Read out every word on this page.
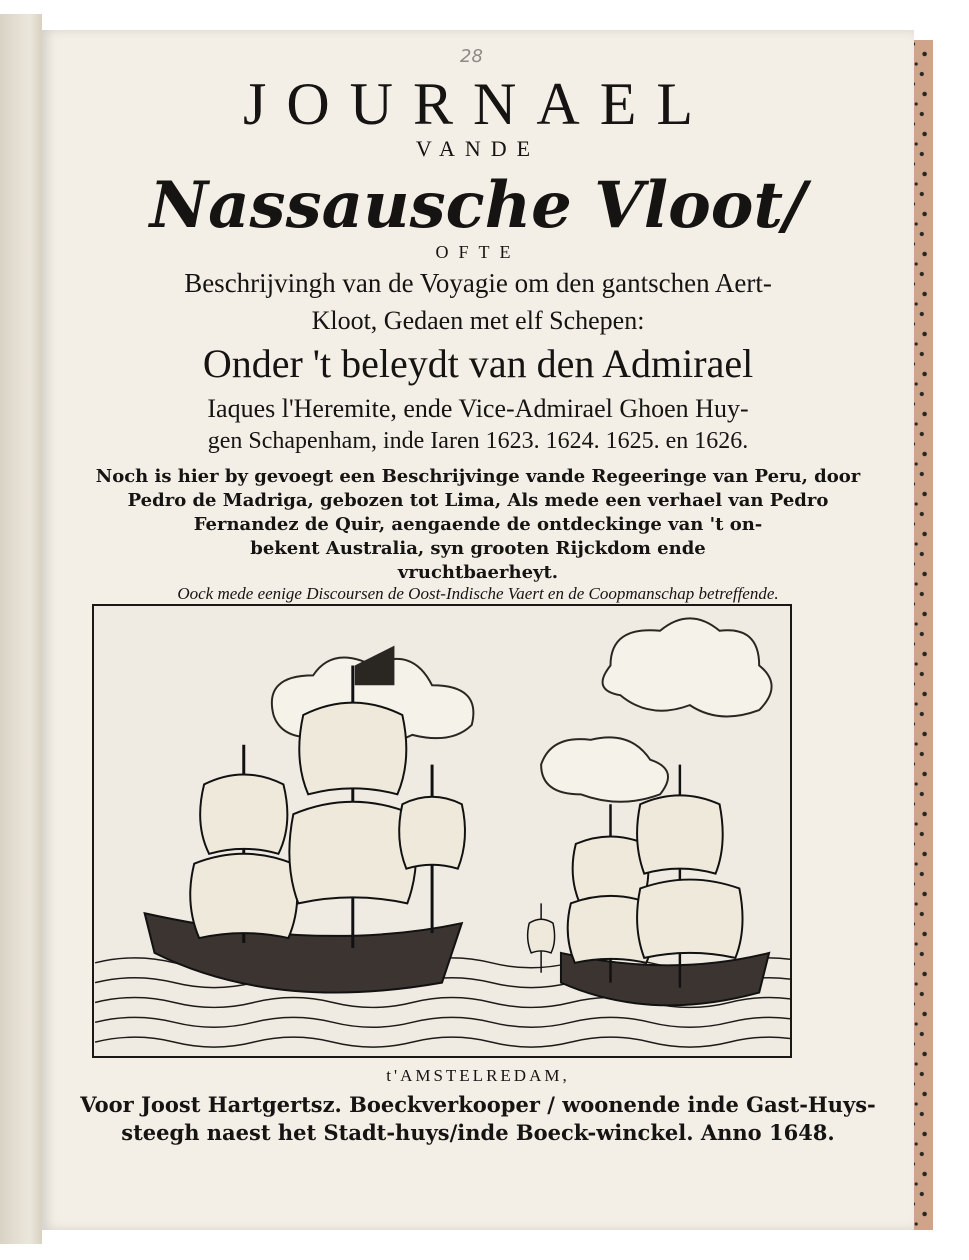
28
JOURNAEL
VANDE
Nassausche Vloot/
OFTE
Beschrijvingh van de Voyagie om den gantschen Aert-
Kloot, Gedaen met elf Schepen:
Onder 't beleydt van den Admirael
Iaques l'Heremite, ende Vice-Admirael Ghoen Huy-
gen Schapenham, inde Iaren 1623. 1624. 1625. en 1626.
Noch is hier by gevoegt een Beschrijvinge vande Regeeringe van Peru, door
Pedro de Madriga, gebozen tot Lima, Als mede een verhael van Pedro
Fernandez de Quir, aengaende de ontdeckinge van 't on-
bekent Australia, syn grooten Rijckdom ende
vruchtbaerheyt.
Oock mede eenige Discoursen de Oost-Indische Vaert en de Coopmanschap betreffende.
t'AMSTELREDAM,
Voor Joost Hartgertsz. Boeckverkooper / woonende inde Gast-Huys-
steegh naest het Stadt-huys/inde Boeck-winckel. Anno 1648.
